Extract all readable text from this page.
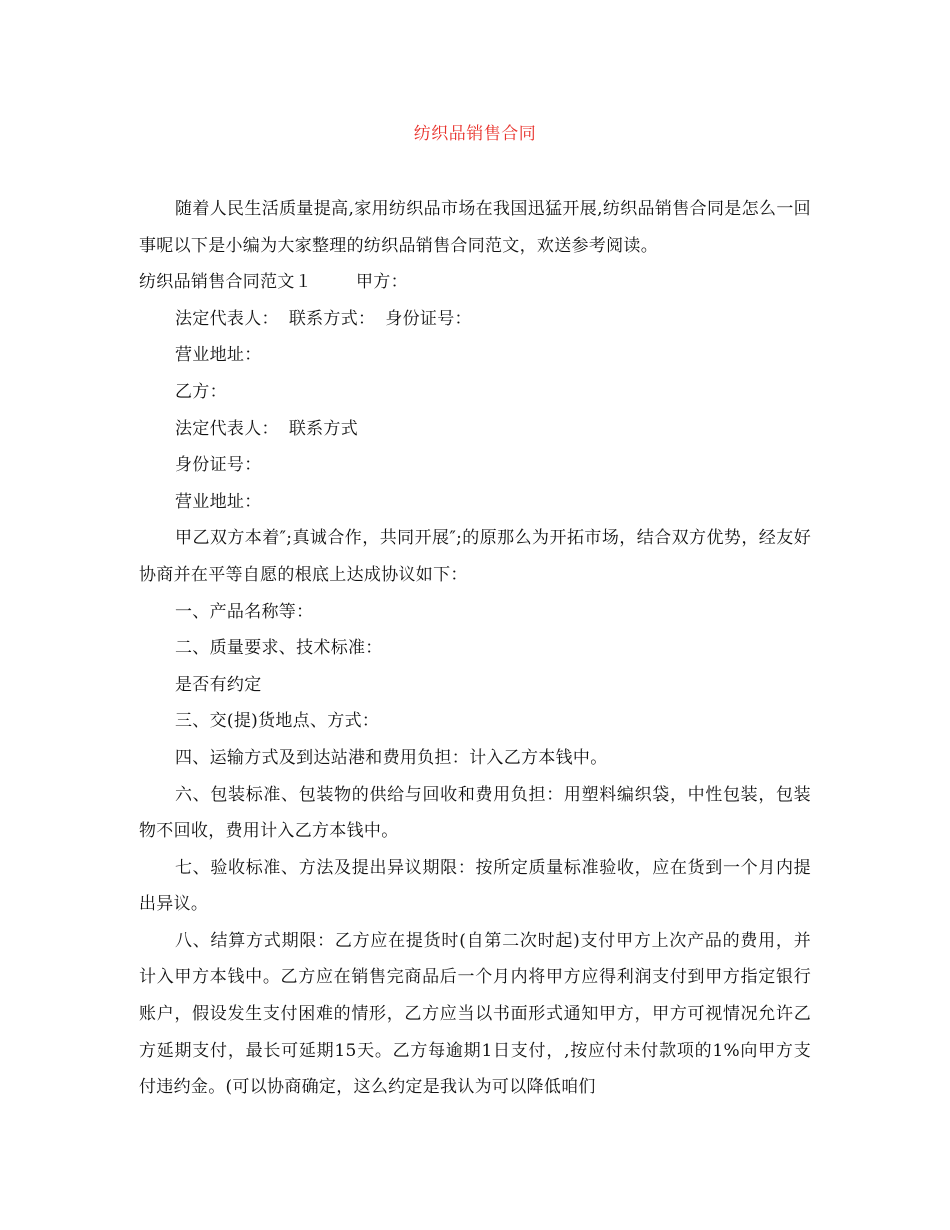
纺织品销售合同

随着人民生活质量提高,家用纺织品市场在我国迅猛开展,纺织品销售合同是怎么一回事呢以下是小编为大家整理的纺织品销售合同范文，欢送参考阅读。

纺织品销售合同范文１	甲方：

法定代表人： 联系方式： 身份证号：

营业地址：

乙方：

法定代表人： 联系方式

身份证号：

营业地址：

甲乙双方本着″;真诚合作，共同开展″;的原那么为开拓市场，结合双方优势，经友好协商并在平等自愿的根底上达成协议如下：

一、产品名称等：

二、质量要求、技术标准：

是否有约定

三、交(提)货地点、方式：

四、运输方式及到达站港和费用负担：计入乙方本钱中。

六、包装标准、包装物的供给与回收和费用负担：用塑料编织袋，中性包装，包装物不回收，费用计入乙方本钱中。

七、验收标准、方法及提出异议期限：按所定质量标准验收，应在货到一个月内提出异议。

八、结算方式期限：乙方应在提货时(自第二次时起)支付甲方上次产品的费用，并计入甲方本钱中。乙方应在销售完商品后一个月内将甲方应得利润支付到甲方指定银行账户，假设发生支付困难的情形，乙方应当以书面形式通知甲方，甲方可视情况允许乙方延期支付，最长可延期15天。乙方每逾期1日支付，,按应付未付款项的1%向甲方支付违约金。(可以协商确定，这么约定是我认为可以降低咱们
